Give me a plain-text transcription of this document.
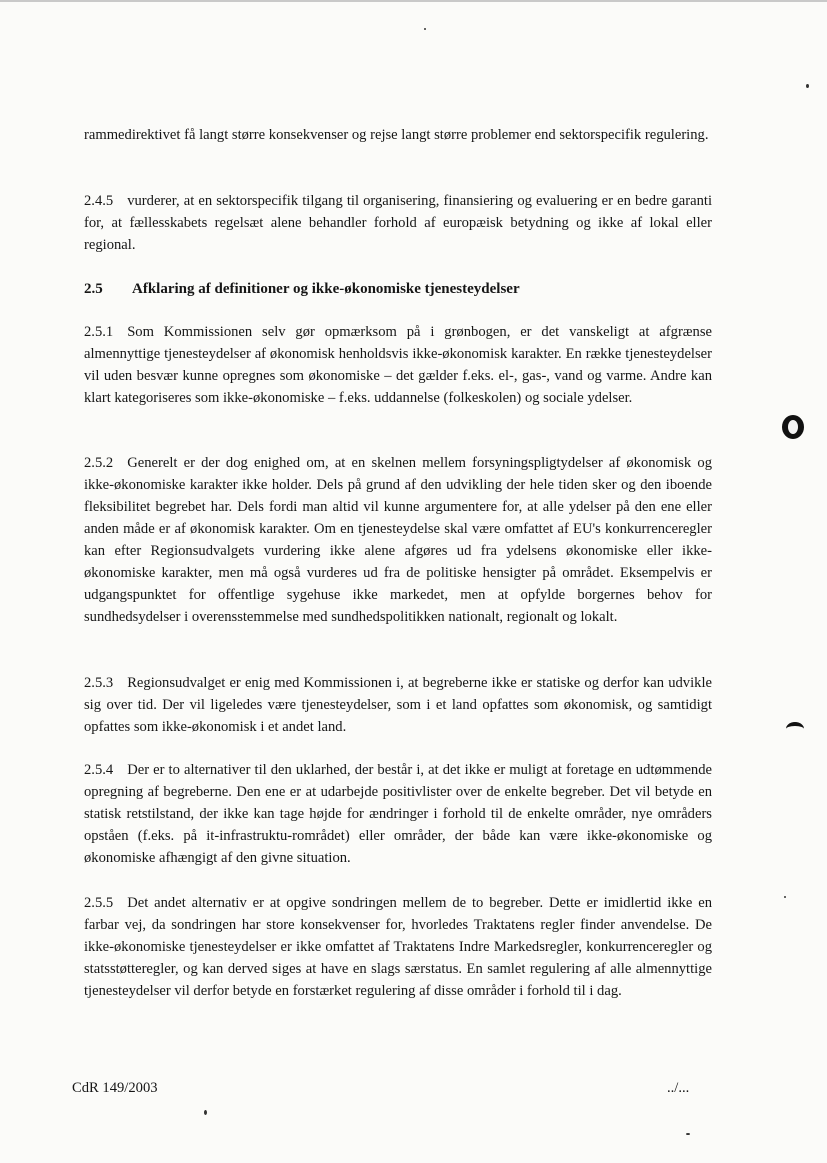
rammedirektivet få langt større konsekvenser og rejse langt større problemer end sektorspecifik regulering.

2.4.5 vurderer, at en sektorspecifik tilgang til organisering, finansiering og evaluering er en bedre garanti for, at fællesskabets regelsæt alene behandler forhold af europæisk betydning og ikke af lokal eller regional.

2.5 Afklaring af definitioner og ikke-økonomiske tjenesteydelser

2.5.1 Som Kommissionen selv gør opmærksom på i grønbogen, er det vanskeligt at afgrænse almennyttige tjenesteydelser af økonomisk henholdsvis ikke-økonomisk karakter. En række tjenesteydelser vil uden besvær kunne opregnes som økonomiske – det gælder f.eks. el-, gas-, vand og varme. Andre kan klart kategoriseres som ikke-økonomiske – f.eks. uddannelse (folkeskolen) og sociale ydelser.

2.5.2 Generelt er der dog enighed om, at en skelnen mellem forsyningspligtydelser af økonomisk og ikke-økonomiske karakter ikke holder. Dels på grund af den udvikling der hele tiden sker og den iboende fleksibilitet begrebet har. Dels fordi man altid vil kunne argumentere for, at alle ydelser på den ene eller anden måde er af økonomisk karakter. Om en tjenesteydelse skal være omfattet af EU's konkurrenceregler kan efter Regionsudvalgets vurdering ikke alene afgøres ud fra ydelsens økonomiske eller ikke-økonomiske karakter, men må også vurderes ud fra de politiske hensigter på området. Eksempelvis er udgangspunktet for offentlige sygehuse ikke markedet, men at opfylde borgernes behov for sundhedsydelser i overensstemmelse med sundhedspolitikken nationalt, regionalt og lokalt.

2.5.3 Regionsudvalget er enig med Kommissionen i, at begreberne ikke er statiske og derfor kan udvikle sig over tid. Der vil ligeledes være tjenesteydelser, som i et land opfattes som økonomisk, og samtidigt opfattes som ikke-økonomisk i et andet land.

2.5.4 Der er to alternativer til den uklarhed, der består i, at det ikke er muligt at foretage en udtømmende opregning af begreberne. Den ene er at udarbejde positivlister over de enkelte begreber. Det vil betyde en statisk retstilstand, der ikke kan tage højde for ændringer i forhold til de enkelte områder, nye områders opståen (f.eks. på it-infrastruktu-rområdet) eller områder, der både kan være ikke-økonomiske og økonomiske afhængigt af den givne situation.

2.5.5 Det andet alternativ er at opgive sondringen mellem de to begreber. Dette er imidlertid ikke en farbar vej, da sondringen har store konsekvenser for, hvorledes Traktatens regler finder anvendelse. De ikke-økonomiske tjenesteydelser er ikke omfattet af Traktatens Indre Markedsregler, konkurrenceregler og statsstøtteregler, og kan derved siges at have en slags særstatus. En samlet regulering af alle almennyttige tjenesteydelser vil derfor betyde en forstærket regulering af disse områder i forhold til i dag.

CdR 149/2003	../...
